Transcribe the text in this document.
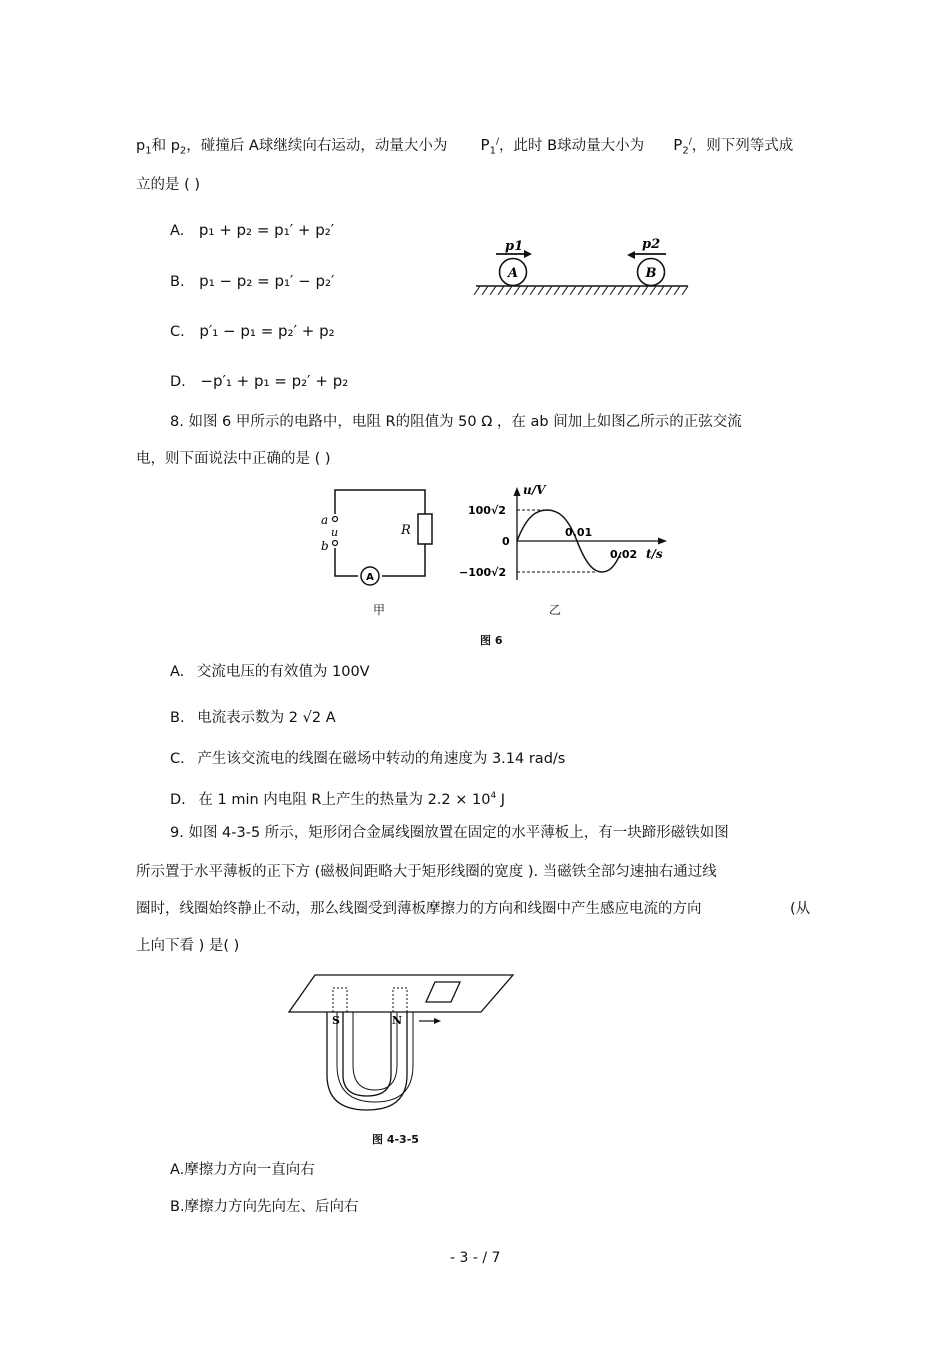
$p_1$和 $p_2$，碰撞后 A球继续向右运动，动量大小为 $P_1^/$，此时 B球动量大小为 $P_2^/$，则下列等式成
立的是 ( )
A. p₁ + p₂ = p₁′ + p₂′
B. p₁ − p₂ = p₁′ − p₂′
C. p′₁ − p₁ = p₂′ + p₂
D. −p′₁ + p₁ = p₂′ + p₂
A
p1
B
p2
8. 如图 6 甲所示的电路中，电阻 R的阻值为 50 Ω ，在 ab 间加上如图乙所示的正弦交流
电，则下面说法中正确的是 ( )
A
a
u
b
R
甲
u/V
100√2
0
−100√2
0.01
0.02 t/s
乙
图 6
A. 交流电压的有效值为 100V
B. 电流表示数为 2 √2 A
C. 产生该交流电的线圈在磁场中转动的角速度为 3.14 rad/s
D. 在 1 min 内电阻 R上产生的热量为 $2.2 \times 10^4$ J
9. 如图 4-3-5 所示，矩形闭合金属线圈放置在固定的水平薄板上，有一块蹄形磁铁如图
所示置于水平薄板的正下方 (磁极间距略大于矩形线圈的宽度 ). 当磁铁全部匀速抽右通过线
圈时，线圈始终静止不动，那么线圈受到薄板摩擦力的方向和线圈中产生感应电流的方向	(从
上向下看 ) 是( )
S	N
图 4-3-5
A.摩擦力方向一直向右
B.摩擦力方向先向左、后向右
- 3 - / 7
